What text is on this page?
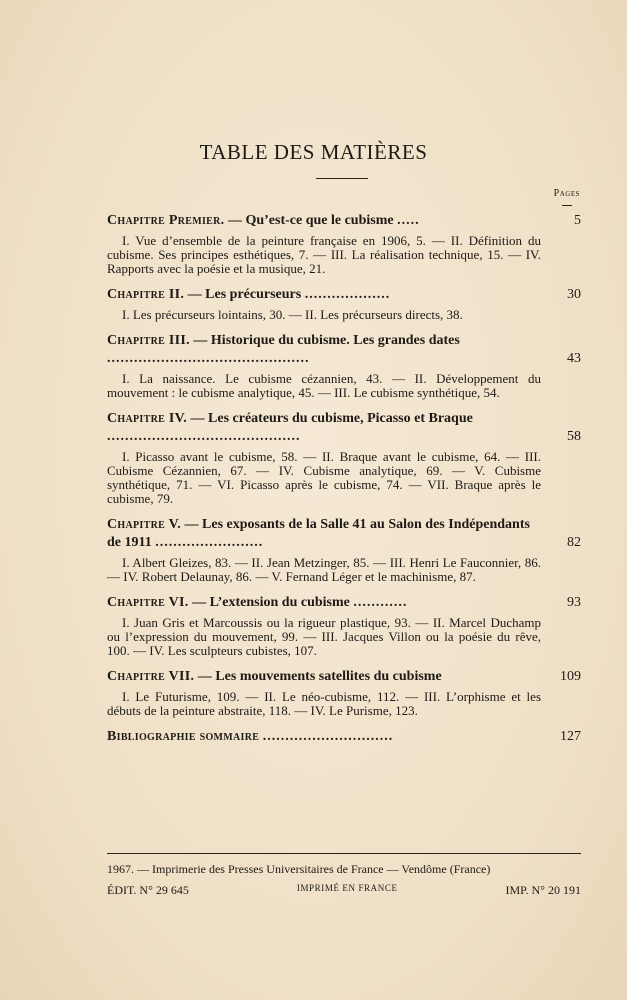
TABLE DES MATIÈRES
Pages
Chapitre Premier. — Qu’est-ce que le cubisme .....	5
I. Vue d’ensemble de la peinture française en 1906, 5. — II. Définition du cubisme. Ses principes esthétiques, 7. — III. La réalisation technique, 15. — IV. Rapports avec la poésie et la musique, 21.
Chapitre II. — Les précurseurs ...................	30
I. Les précurseurs lointains, 30. — II. Les précurseurs directs, 38.
Chapitre III. — Historique du cubisme. Les grandes dates .............................................	43
I. La naissance. Le cubisme cézannien, 43. — II. Développement du mouvement : le cubisme analytique, 45. — III. Le cubisme synthétique, 54.
Chapitre IV. — Les créateurs du cubisme, Picasso et Braque ...........................................	58
I. Picasso avant le cubisme, 58. — II. Braque avant le cubisme, 64. — III. Cubisme Cézannien, 67. — IV. Cubisme analytique, 69. — V. Cubisme synthétique, 71. — VI. Picasso après le cubisme, 74. — VII. Braque après le cubisme, 79.
Chapitre V. — Les exposants de la Salle 41 au Salon des Indépendants de 1911 ........................	82
I. Albert Gleizes, 83. — II. Jean Metzinger, 85. — III. Henri Le Fauconnier, 86. — IV. Robert Delaunay, 86. — V. Fernand Léger et le machinisme, 87.
Chapitre VI. — L’extension du cubisme ............	93
I. Juan Gris et Marcoussis ou la rigueur plastique, 93. — II. Marcel Duchamp ou l’expression du mouvement, 99. — III. Jacques Villon ou la poésie du rêve, 100. — IV. Les sculpteurs cubistes, 107.
Chapitre VII. — Les mouvements satellites du cubisme	109
I. Le Futurisme, 109. — II. Le néo-cubisme, 112. — III. L’orphisme et les débuts de la peinture abstraite, 118. — IV. Le Purisme, 123.
Bibliographie sommaire .............................	127
1967. — Imprimerie des Presses Universitaires de France — Vendôme (France)
ÉDIT. N° 29 645	IMPRIMÉ EN FRANCE	IMP. N° 20 191
